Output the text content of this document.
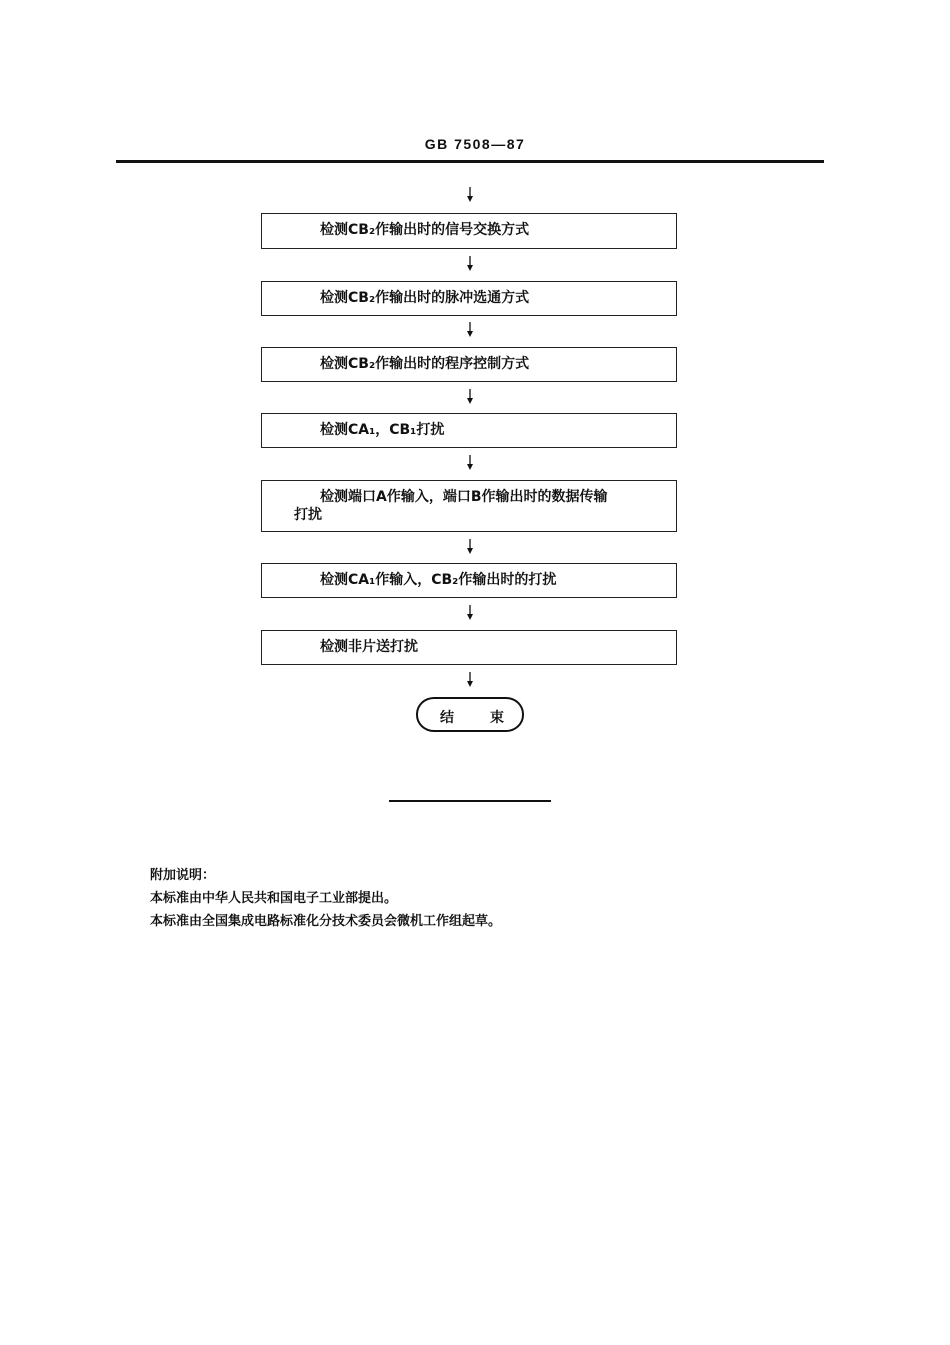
GB 7508—87
检测CB₂作输出时的信号交换方式
检测CB₂作输出时的脉冲选通方式
检测CB₂作输出时的程序控制方式
检测CA₁，CB₁打扰
检测端口A作输入，端口B作输出时的数据传输
打扰
检测CA₁作输入，CB₂作输出时的打扰
检测非片送打扰
结	束
附加说明：
本标准由中华人民共和国电子工业部提出。
本标准由全国集成电路标准化分技术委员会微机工作组起草。
